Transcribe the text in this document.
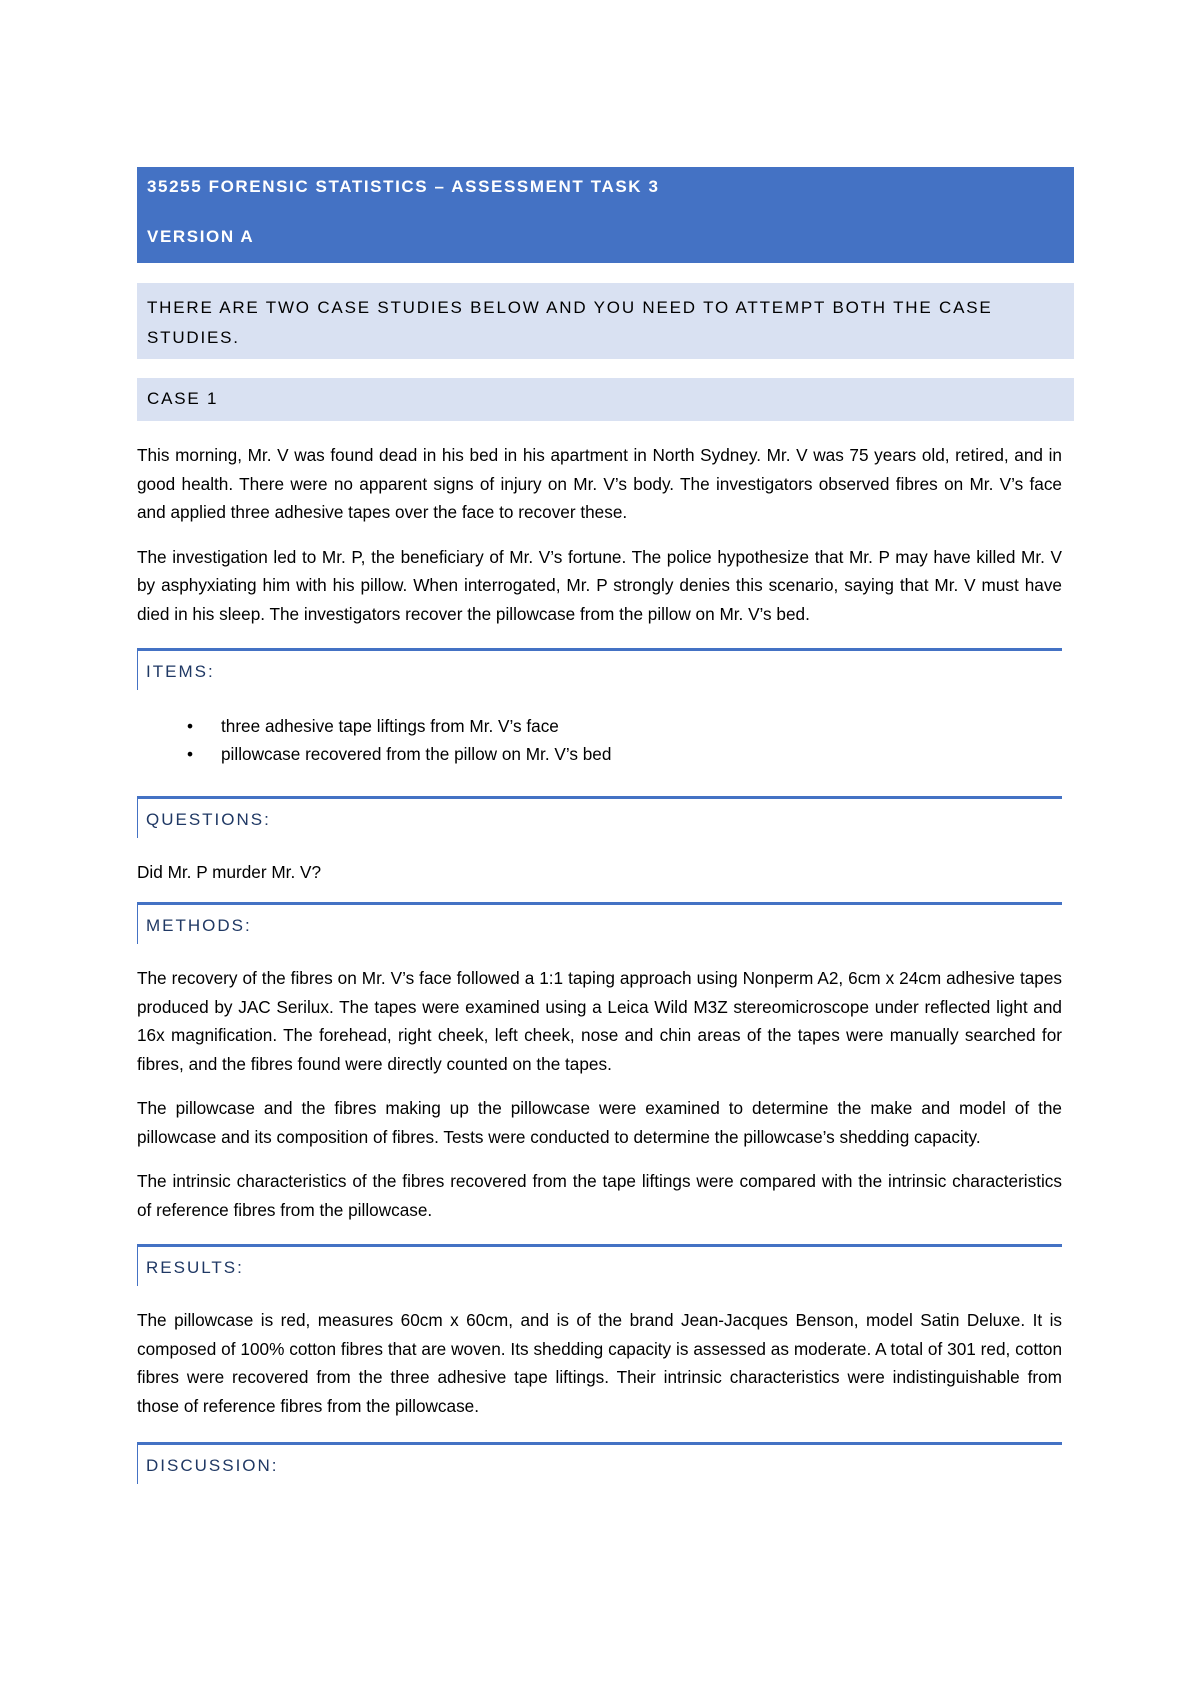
35255 FORENSIC STATISTICS – ASSESSMENT TASK 3
VERSION A
THERE ARE TWO CASE STUDIES BELOW AND YOU NEED TO ATTEMPT BOTH THE CASE STUDIES.
CASE 1

This morning, Mr. V was found dead in his bed in his apartment in North Sydney. Mr. V was 75 years old, retired, and in good health. There were no apparent signs of injury on Mr. V’s body. The investigators observed fibres on Mr. V’s face and applied three adhesive tapes over the face to recover these.

The investigation led to Mr. P, the beneficiary of Mr. V’s fortune. The police hypothesize that Mr. P may have killed Mr. V by asphyxiating him with his pillow. When interrogated, Mr. P strongly denies this scenario, saying that Mr. V must have died in his sleep. The investigators recover the pillowcase from the pillow on Mr. V’s bed.

ITEMS:
• three adhesive tape liftings from Mr. V’s face
• pillowcase recovered from the pillow on Mr. V’s bed
QUESTIONS:

Did Mr. P murder Mr. V?

METHODS:

The recovery of the fibres on Mr. V’s face followed a 1:1 taping approach using Nonperm A2, 6cm x 24cm adhesive tapes produced by JAC Serilux. The tapes were examined using a Leica Wild M3Z stereomicroscope under reflected light and 16x magnification. The forehead, right cheek, left cheek, nose and chin areas of the tapes were manually searched for fibres, and the fibres found were directly counted on the tapes.

The pillowcase and the fibres making up the pillowcase were examined to determine the make and model of the pillowcase and its composition of fibres. Tests were conducted to determine the pillowcase’s shedding capacity.

The intrinsic characteristics of the fibres recovered from the tape liftings were compared with the intrinsic characteristics of reference fibres from the pillowcase.

RESULTS:

The pillowcase is red, measures 60cm x 60cm, and is of the brand Jean-Jacques Benson, model Satin Deluxe. It is composed of 100% cotton fibres that are woven. Its shedding capacity is assessed as moderate. A total of 301 red, cotton fibres were recovered from the three adhesive tape liftings. Their intrinsic characteristics were indistinguishable from those of reference fibres from the pillowcase.

DISCUSSION:
